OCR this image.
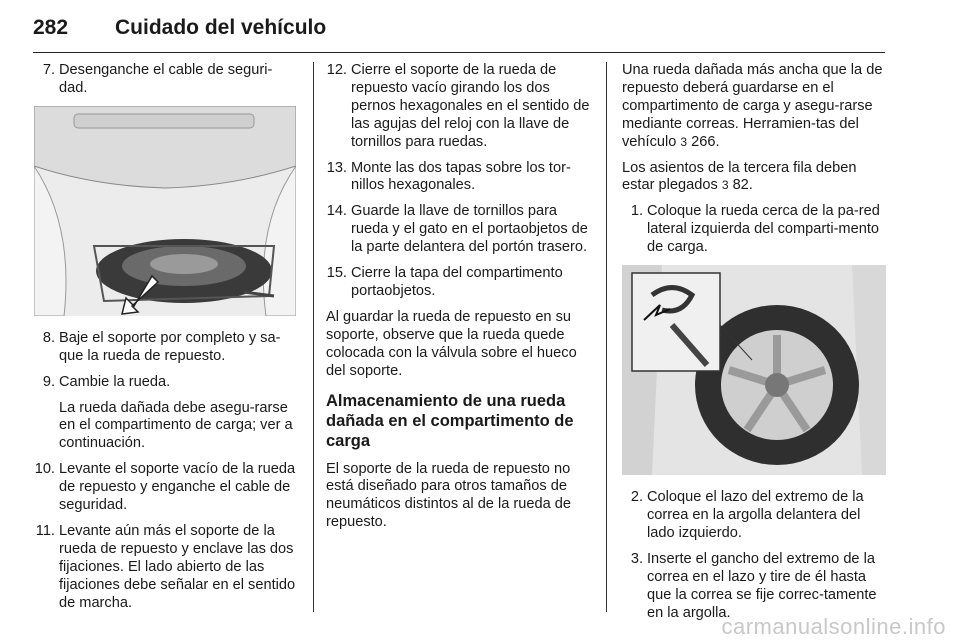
282 Cuidado del vehículo
7. Desenganche el cable de seguri-dad.
8. Baje el soporte por completo y sa-que la rueda de repuesto.
9. Cambie la rueda.
La rueda dañada debe asegu-rarse en el compartimento de carga; ver a continuación.
10. Levante el soporte vacío de la rueda de repuesto y enganche el cable de seguridad.
11. Levante aún más el soporte de la rueda de repuesto y enclave las dos fijaciones. El lado abierto de las fijaciones debe señalar en el sentido de marcha.
12. Cierre el soporte de la rueda de repuesto vacío girando los dos pernos hexagonales en el sentido de las agujas del reloj con la llave de tornillos para ruedas.
13. Monte las dos tapas sobre los tor-nillos hexagonales.
14. Guarde la llave de tornillos para rueda y el gato en el portaobjetos de la parte delantera del portón trasero.
15. Cierre la tapa del compartimento portaobjetos.

Al guardar la rueda de repuesto en su soporte, observe que la rueda quede colocada con la válvula sobre el hueco del soporte.

Almacenamiento de una rueda dañada en el compartimento de carga

El soporte de la rueda de repuesto no está diseñado para otros tamaños de neumáticos distintos al de la rueda de repuesto.

Una rueda dañada más ancha que la de repuesto deberá guardarse en el compartimento de carga y asegu-rarse mediante correas. Herramien-tas del vehículo 3 266.

Los asientos de la tercera fila deben estar plegados 3 82.

1. Coloque la rueda cerca de la pa-red lateral izquierda del comparti-mento de carga.
2. Coloque el lazo del extremo de la correa en la argolla delantera del lado izquierdo.
3. Inserte el gancho del extremo de la correa en el lazo y tire de él hasta que la correa se fije correc-tamente en la argolla.
carmanualsonline.info
